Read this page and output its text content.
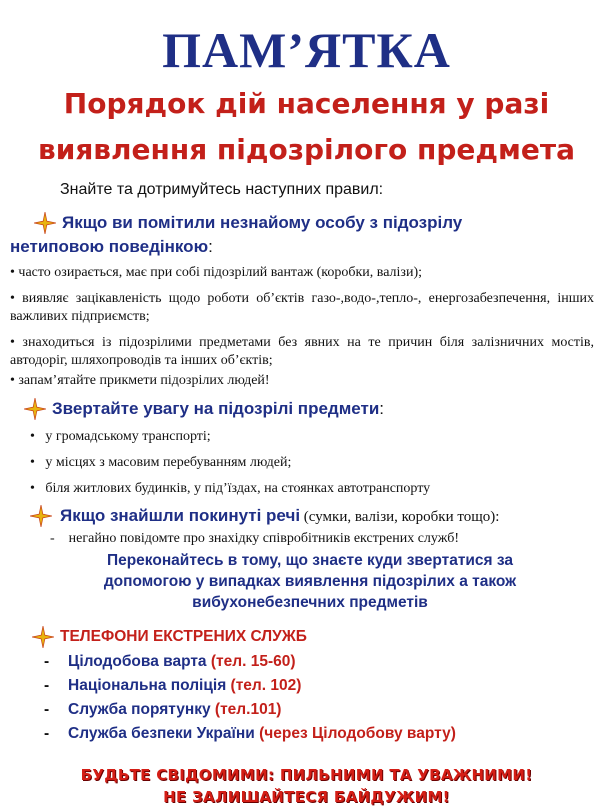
ПАМ’ЯТКА
Порядок дій населення у разі
виявлення підозрілого предмета
Знайте та дотримуйтесь наступних правил:
Якщо ви помітили незнайому особу з підозрілу
нетиповою поведінкою:
• часто озирається, має при собі підозрілий вантаж (коробки, валізи);
• виявляє зацікавленість щодо роботи об’єктів газо-,водо-,тепло-, енергозабезпечення, інших важливих підприємств;
• знаходиться із підозрілими предметами без явних на те причин біля залізничних мостів, автодоріг, шляхопроводів та інших об’єктів;
• запам’ятайте прикмети підозрілих людей!
Звертайте увагу на підозрілі предмети:
•   у громадському транспорті;
•   у місцях з масовим перебуванням людей;
•   біля житлових будинків, у під’їздах, на стоянках автотранспорту
Якщо знайшли покинуті речі (сумки, валізи, коробки тощо):
-    негайно повідомте про знахідку співробітників екстрених служб!
Переконайтесь в тому, що знаєте куди звертатися за
допомогою у випадках виявлення підозрілих а також
вибухонебезпечних предметів
ТЕЛЕФОНИ ЕКСТРЕНИХ СЛУЖБ
- Цілодобова варта (тел. 15-60)
- Національна поліція (тел. 102)
- Служба порятунку (тел.101)
- Служба безпеки України (через Цілодобову варту)
БУДЬТЕ СВІДОМИМИ: ПИЛЬНИМИ ТА УВАЖНИМИ!
НЕ ЗАЛИШАЙТЕСЯ БАЙДУЖИМ!
